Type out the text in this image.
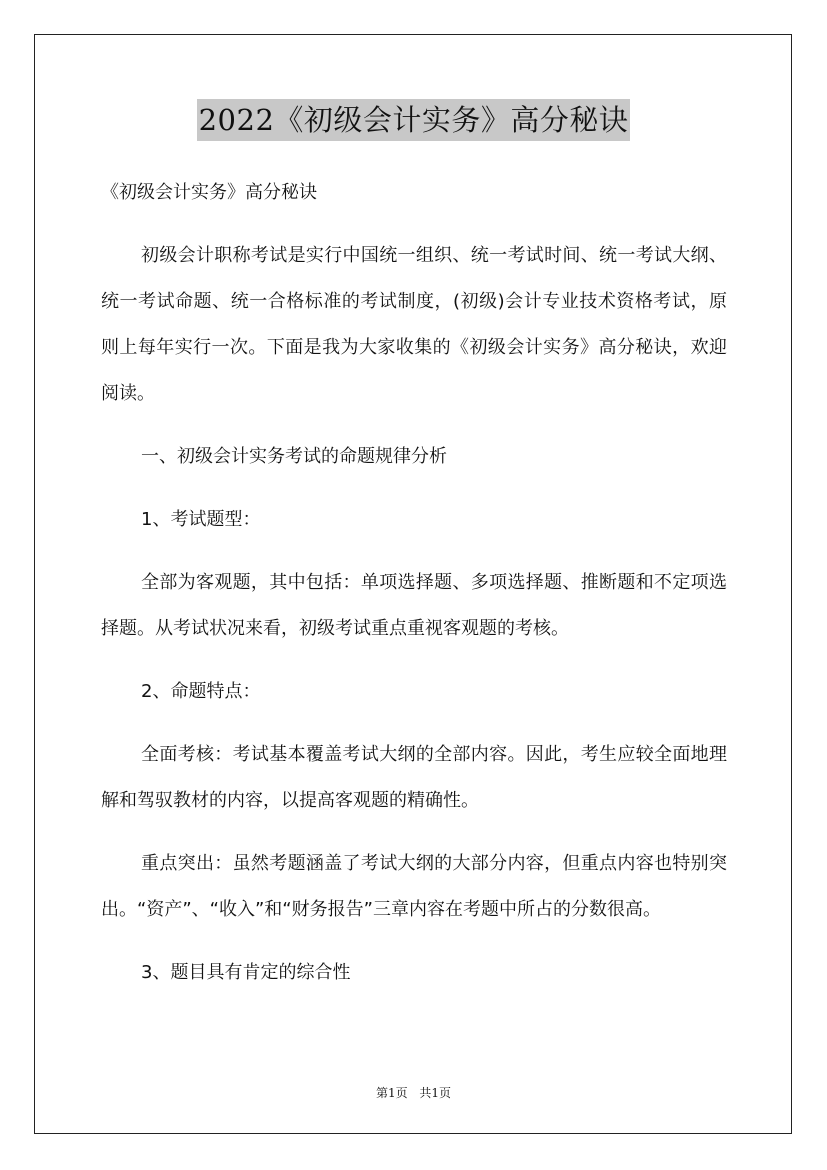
2022《初级会计实务》高分秘诀

《初级会计实务》高分秘诀

初级会计职称考试是实行中国统一组织、统一考试时间、统一考试大纲、统一考试命题、统一合格标准的考试制度，(初级)会计专业技术资格考试，原则上每年实行一次。下面是我为大家收集的《初级会计实务》高分秘诀，欢迎阅读。

一、初级会计实务考试的命题规律分析

1、考试题型：

全部为客观题，其中包括：单项选择题、多项选择题、推断题和不定项选择题。从考试状况来看，初级考试重点重视客观题的考核。

2、命题特点：

全面考核：考试基本覆盖考试大纲的全部内容。因此，考生应较全面地理解和驾驭教材的内容，以提高客观题的精确性。

重点突出：虽然考题涵盖了考试大纲的大部分内容，但重点内容也特别突出。“资产”、“收入”和“财务报告”三章内容在考题中所占的分数很高。

3、题目具有肯定的综合性

第1页 共1页
